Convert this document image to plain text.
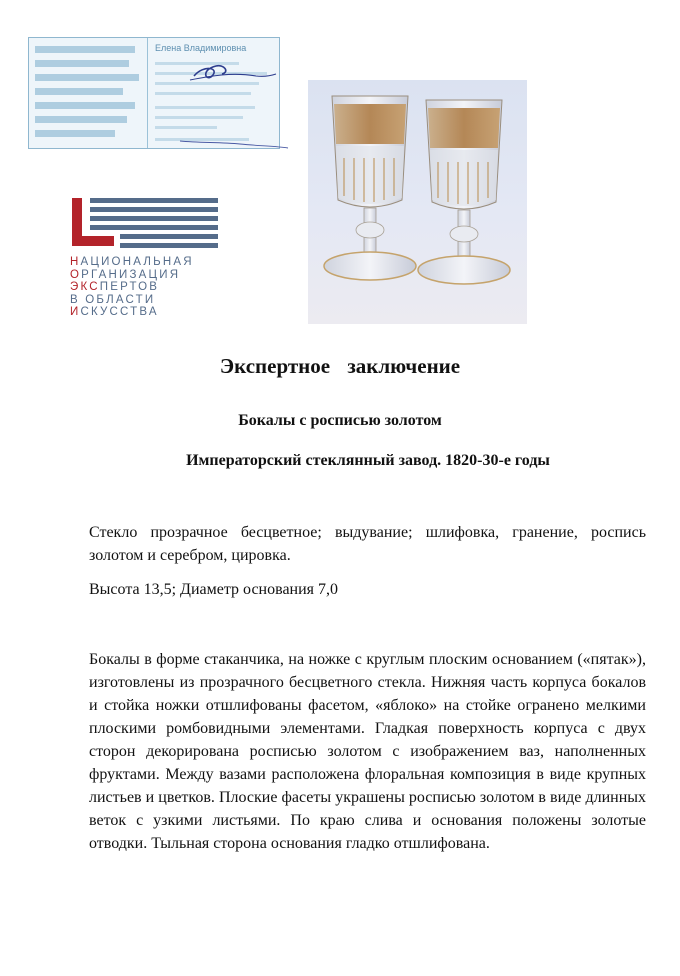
Елена Владимировна
НАЦИОНАЛЬНАЯ
ОРГАНИЗАЦИЯ
ЭКСПЕРТОВ
В ОБЛАСТИ
ИСКУССТВА
Экспертное заключение
Бокалы с росписью золотом
Императорский стеклянный завод. 1820-30-е годы

Стекло прозрачное бесцветное; выдувание; шлифовка, гранение, роспись золотом и серебром, цировка.

Высота 13,5; Диаметр основания 7,0

Бокалы в форме стаканчика, на ножке с круглым плоским основанием («пятак»), изготовлены из прозрачного бесцветного стекла. Нижняя часть корпуса бокалов и стойка ножки отшлифованы фасетом, «яблоко» на стойке огранено мелкими плоскими ромбовидными элементами. Гладкая поверхность корпуса с двух сторон декорирована росписью золотом с изображением ваз, наполненных фруктами. Между вазами расположена флоральная композиция в виде крупных листьев и цветков. Плоские фасеты украшены росписью золотом в виде длинных веток с узкими листьями. По краю слива и основания положены золотые отводки. Тыльная сторона основания гладко отшлифована.
